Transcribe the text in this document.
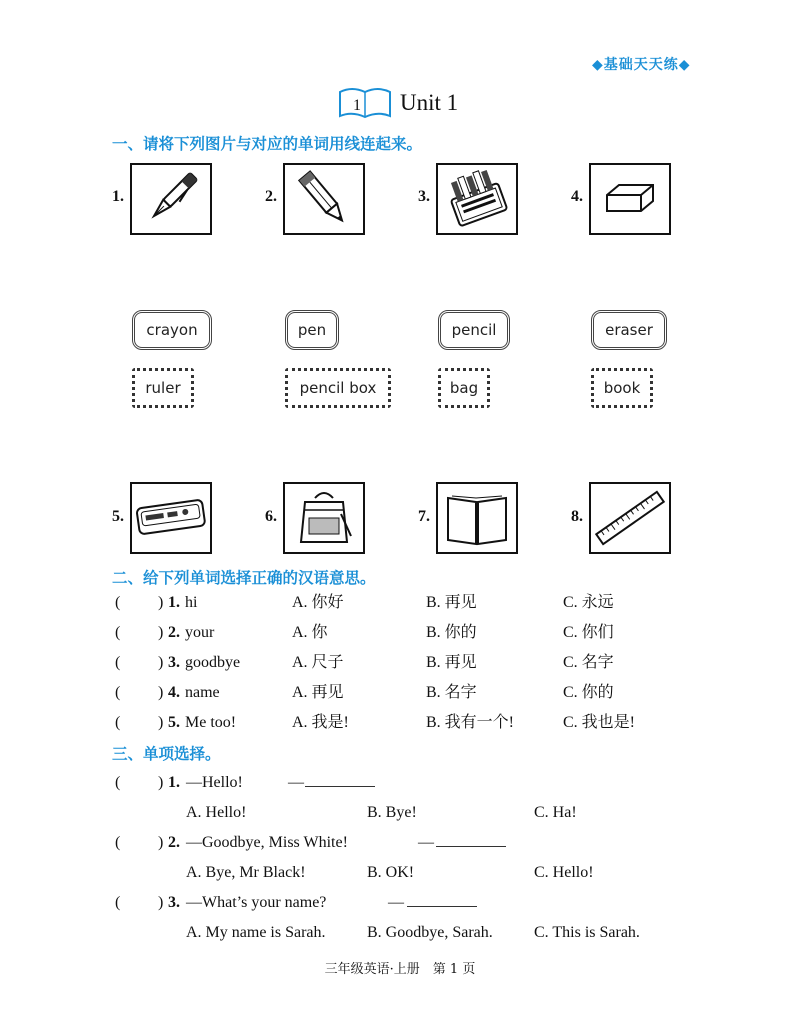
◆基础天天练◆
1 Unit 1
一、请将下列图片与对应的单词用线连起来。
1.	2.	3.	4.
crayon	pen	pencil	eraser
ruler	pencil box	bag	book
5.	6.	7.	8.
二、给下列单词选择正确的汉语意思。
( ) 1. hi	A. 你好	B. 再见	C. 永远
( ) 2. your	A. 你	B. 你的	C. 你们
( ) 3. goodbye	A. 尺子	B. 再见	C. 名字
( ) 4. name	A. 再见	B. 名字	C. 你的
( ) 5. Me too!	A. 我是!	B. 我有一个!	C. 我也是!
三、单项选择。
( ) 1. —Hello!	—
A. Hello!	B. Bye!	C. Ha!
( ) 2. —Goodbye, Miss White!	—
A. Bye, Mr Black!	B. OK!	C. Hello!
( ) 3. —What’s your name?	—
A. My name is Sarah.	B. Goodbye, Sarah.	C. This is Sarah.
三年级英语·上册　第 1 页
